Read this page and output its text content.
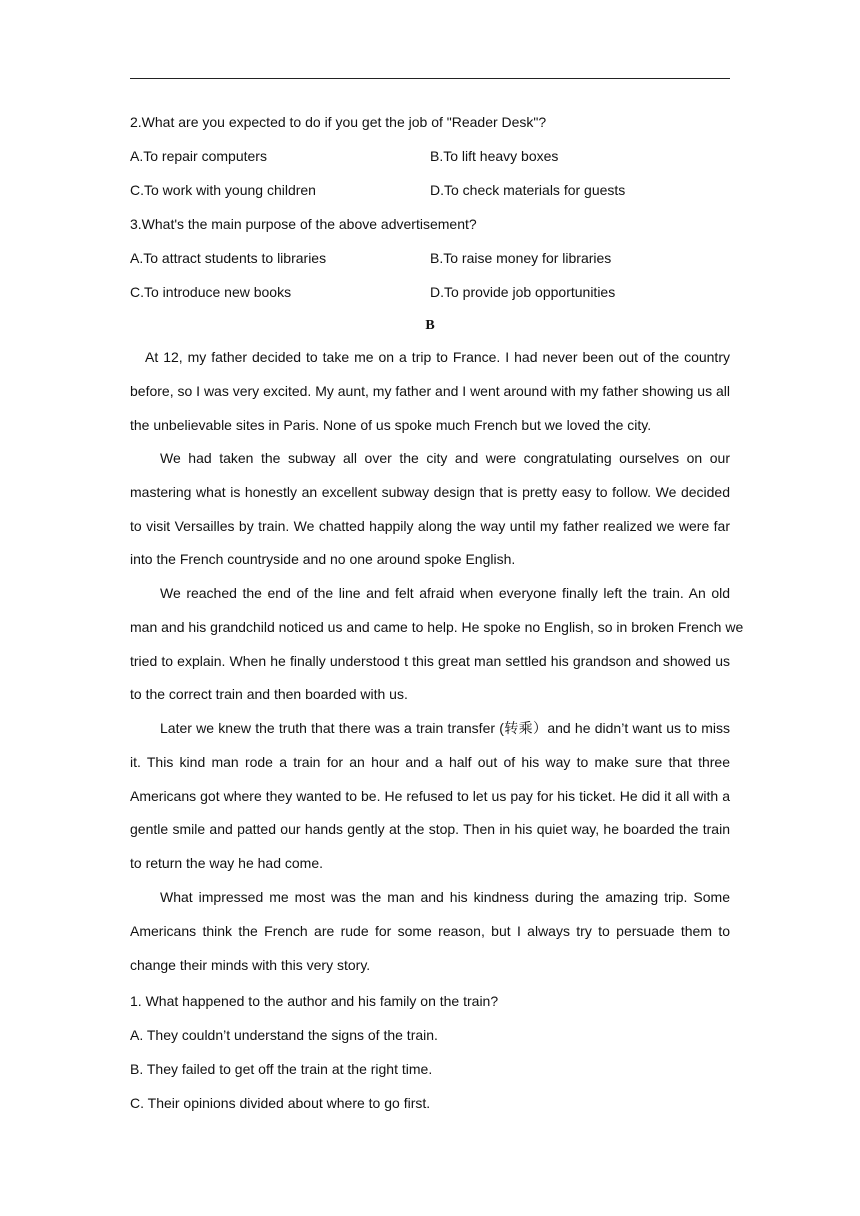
2.What are you expected to do if you get the job of "Reader Desk"?
A.To repair computers	B.To lift heavy boxes
C.To work with young children	D.To check materials for guests
3.What's the main purpose of the above advertisement?
A.To attract students to libraries	B.To raise money for libraries
C.To introduce new books	D.To provide job opportunities
B
At 12, my father decided to take me on a trip to France. I had never been out of the country
before, so I was very excited. My aunt, my father and I went around with my father showing us all
the unbelievable sites in Paris. None of us spoke much French but we loved the city.
We had taken the subway all over the city and were congratulating ourselves on our
mastering what is honestly an excellent subway design that is pretty easy to follow. We decided
to visit Versailles by train. We chatted happily along the way until my father realized we were far
into the French countryside and no one around spoke English.
We reached the end of the line and felt afraid when everyone finally left the train. An old
man and his grandchild noticed us and came to help. He spoke no English, so in broken French we
tried to explain. When he finally understood t this great man settled his grandson and showed us
to the correct train and then boarded with us.
Later we knew the truth that there was a train transfer (转乘）and he didn’t want us to miss
it. This kind man rode a train for an hour and a half out of his way to make sure that three
Americans got where they wanted to be. He refused to let us pay for his ticket. He did it all with a
gentle smile and patted our hands gently at the stop. Then in his quiet way, he boarded the train
to return the way he had come.
What impressed me most was the man and his kindness during the amazing trip. Some
Americans think the French are rude for some reason, but I always try to persuade them to
change their minds with this very story.
1. What happened to the author and his family on the train?
A. They couldn’t understand the signs of the train.
B. They failed to get off the train at the right time.
C. Their opinions divided about where to go first.
